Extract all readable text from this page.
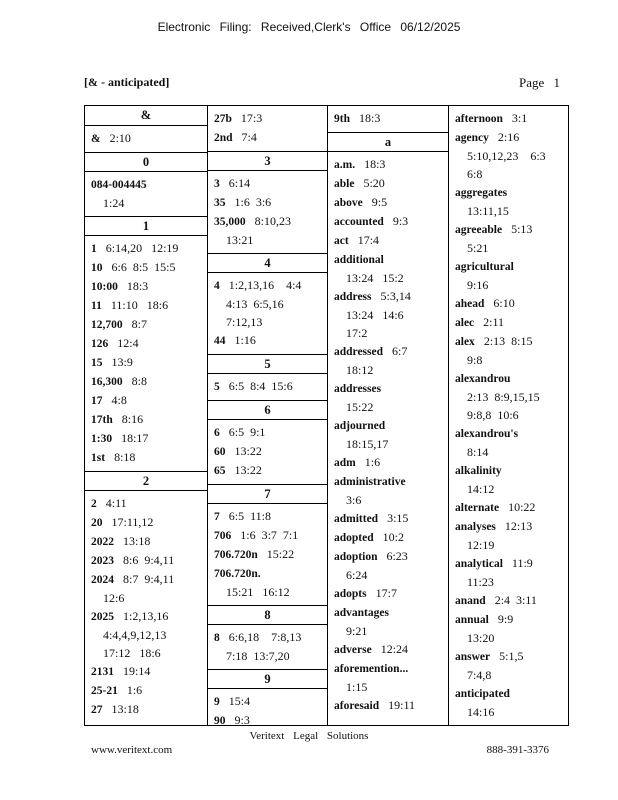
Electronic Filing: Received,Clerk's Office 06/12/2025
[& - anticipated]	Page 1
&
& 2:10
0
084-004445
1:24
1
1 6:14,20   12:19
10 6:6  8:5  15:5
10:00 18:3
11 11:10   18:6
12,700 8:7
126 12:4
15 13:9
16,300 8:8
17 4:8
17th 8:16
1:30 18:17
1st 8:18
2
2 4:11
20 17:11,12
2022 13:18
2023 8:6  9:4,11
2024 8:7  9:4,11
12:6
2025 1:2,13,16
4:4,4,9,12,13
17:12   18:6
2131 19:14
25-21 1:6
27 13:18
27b 17:3
2nd 7:4
3
3 6:14
35 1:6  3:6
35,000 8:10,23
13:21
4
4 1:2,13,16    4:4
4:13  6:5,16
7:12,13
44 1:16
5
5 6:5  8:4  15:6
6
6 6:5  9:1
60 13:22
65 13:22
7
7 6:5  11:8
706 1:6  3:7  7:1
706.720n 15:22
706.720n.
15:21   16:12
8
8 6:6,18    7:8,13
7:18  13:7,20
9
9 15:4
90 9:3
9th 18:3
a
a.m. 18:3
able 5:20
above 9:5
accounted 9:3
act 17:4
additional
13:24   15:2
address 5:3,14
13:24   14:6
17:2
addressed 6:7
18:12
addresses
15:22
adjourned
18:15,17
adm 1:6
administrative
3:6
admitted 3:15
adopted 10:2
adoption 6:23
6:24
adopts 17:7
advantages
9:21
adverse 12:24
aforemention...
1:15
aforesaid 19:11
afternoon 3:1
agency 2:16
5:10,12,23    6:3
6:8
aggregates
13:11,15
agreeable 5:13
5:21
agricultural
9:16
ahead 6:10
alec 2:11
alex 2:13  8:15
9:8
alexandrou
2:13  8:9,15,15
9:8,8  10:6
alexandrou's
8:14
alkalinity
14:12
alternate 10:22
analyses 12:13
12:19
analytical 11:9
11:23
anand 2:4  3:11
annual 9:9
13:20
answer 5:1,5
7:4,8
anticipated
14:16
Veritext Legal Solutions
www.veritext.com	888-391-3376
